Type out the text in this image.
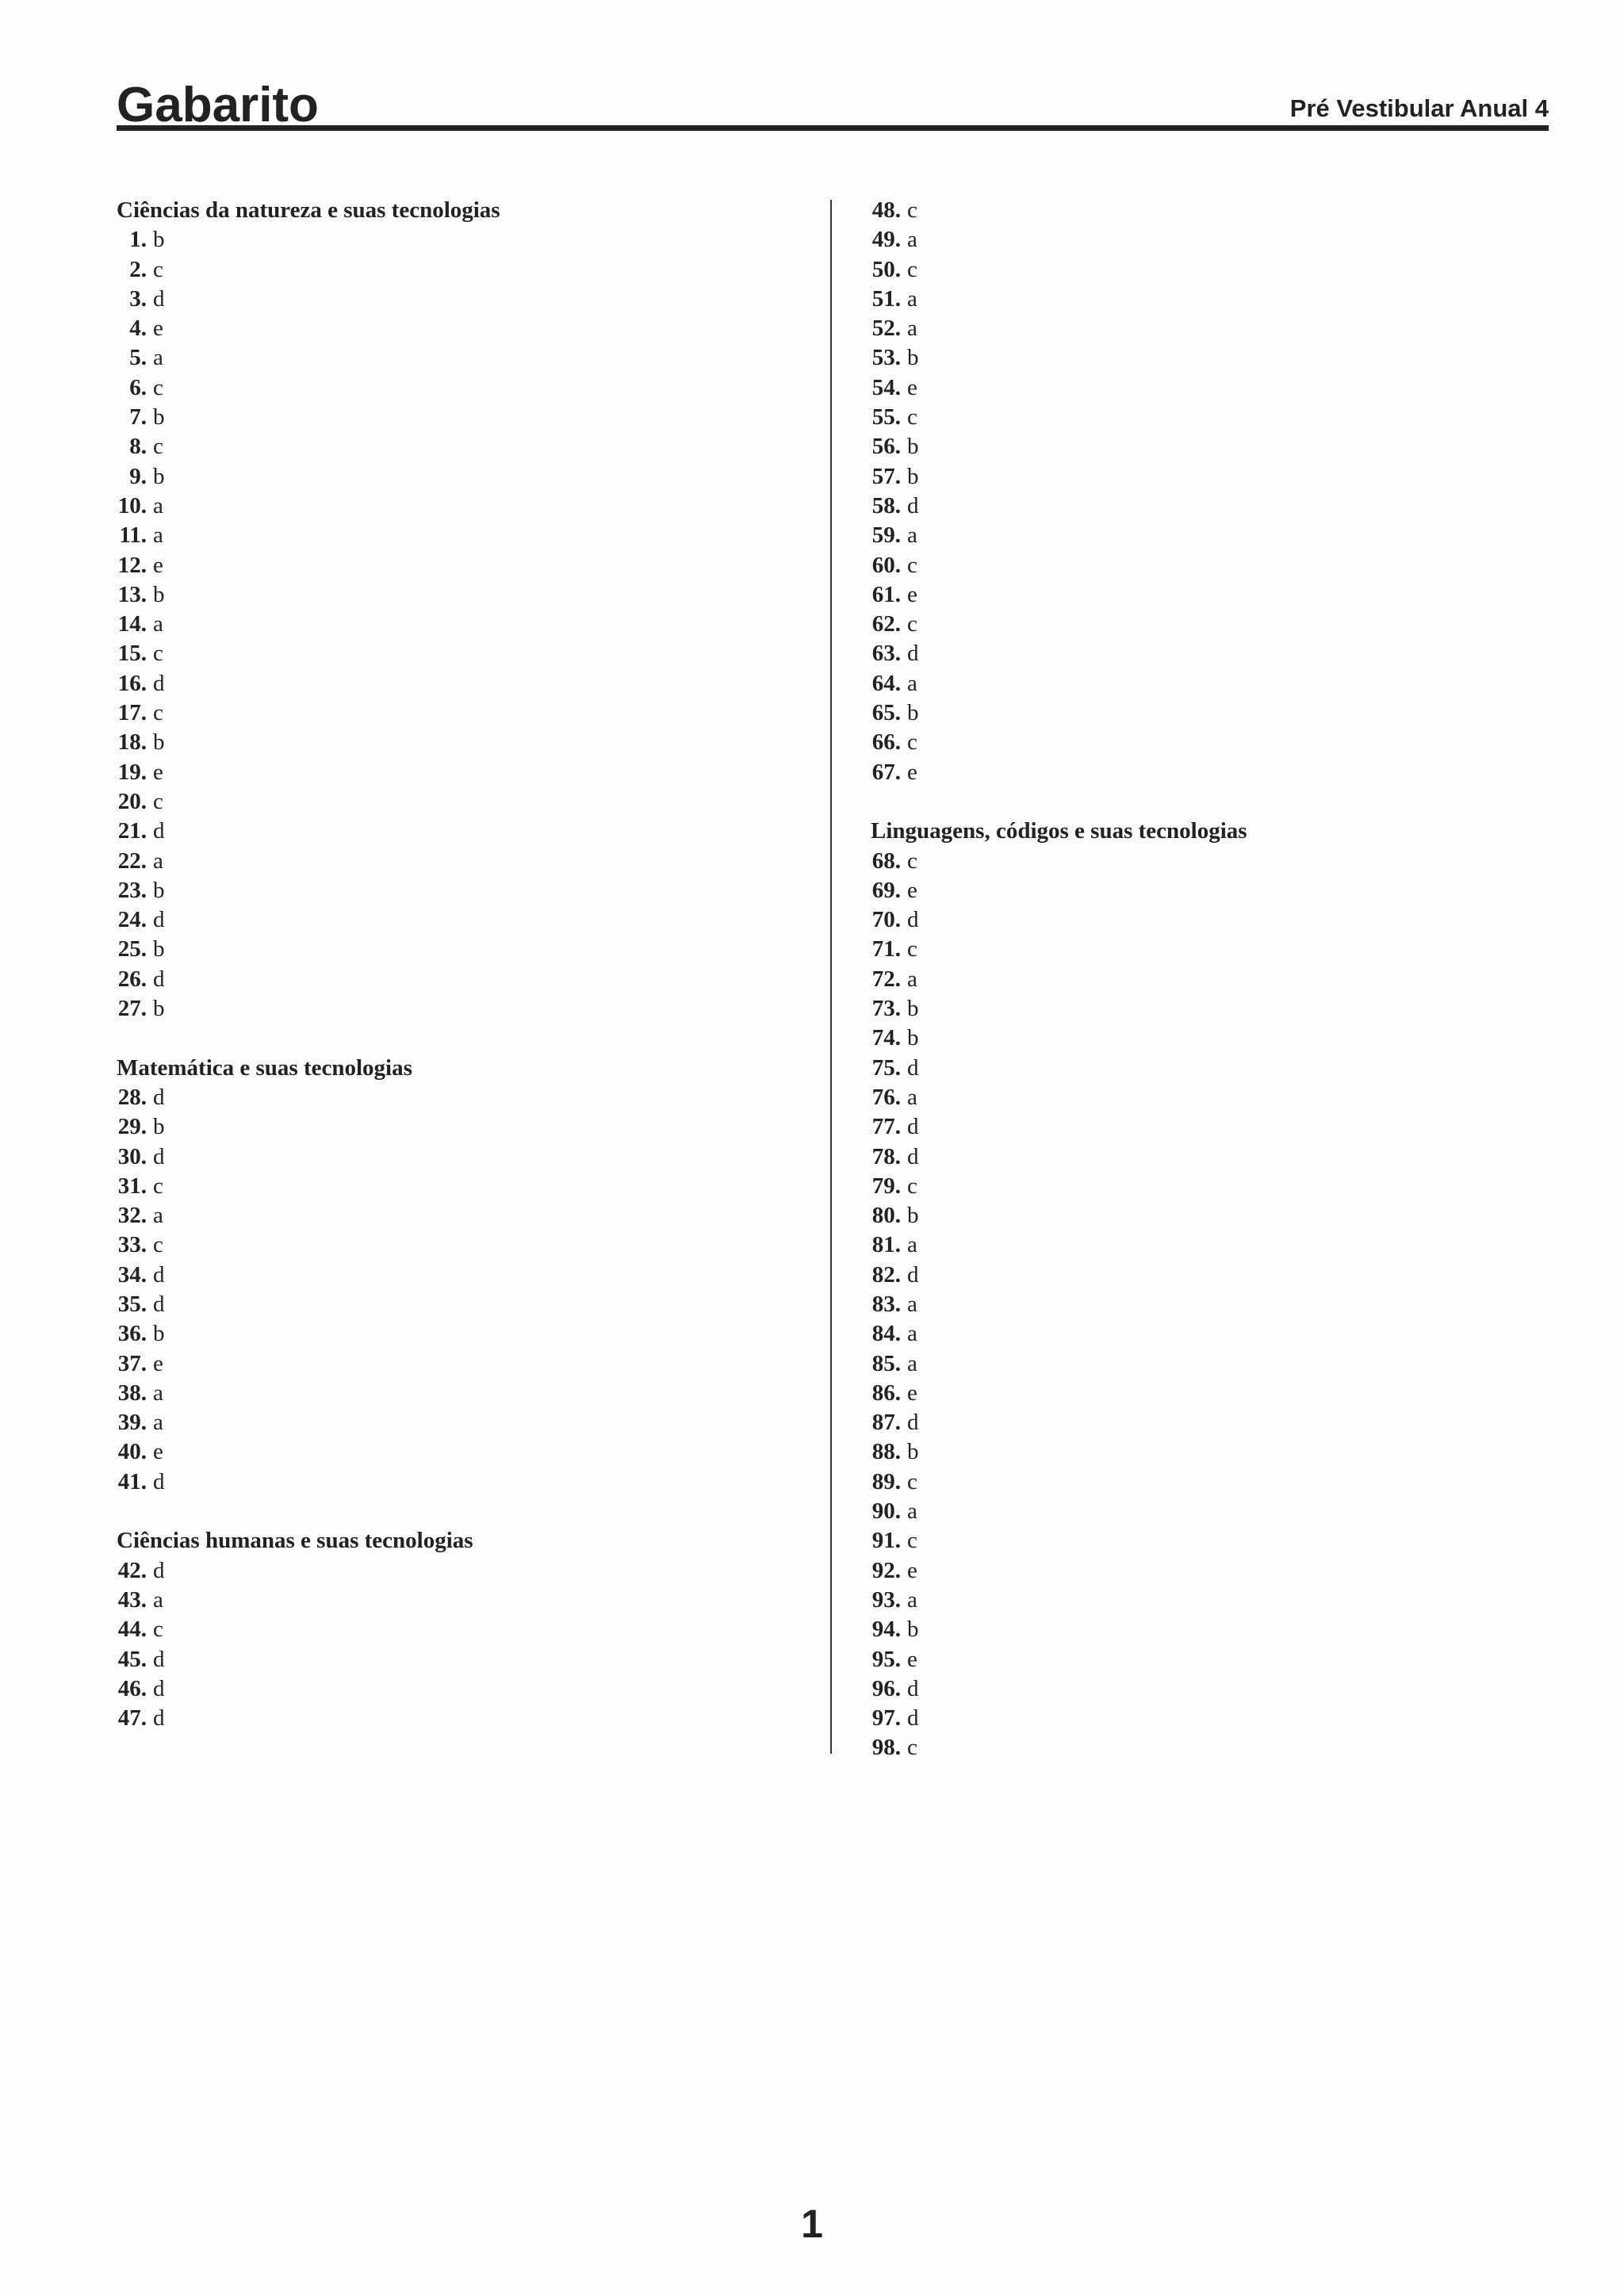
Gabarito	Pré Vestibular Anual 4
Ciências da natureza e suas tecnologias
1. b
2. c
3. d
4. e
5. a
6. c
7. b
8. c
9. b
10. a
11. a
12. e
13. b
14. a
15. c
16. d
17. c
18. b
19. e
20. c
21. d
22. a
23. b
24. d
25. b
26. d
27. b
Matemática e suas tecnologias
28. d
29. b
30. d
31. c
32. a
33. c
34. d
35. d
36. b
37. e
38. a
39. a
40. e
41. d
Ciências humanas e suas tecnologias
42. d
43. a
44. c
45. d
46. d
47. d
48. c
49. a
50. c
51. a
52. a
53. b
54. e
55. c
56. b
57. b
58. d
59. a
60. c
61. e
62. c
63. d
64. a
65. b
66. c
67. e
Linguagens, códigos e suas tecnologias
68. c
69. e
70. d
71. c
72. a
73. b
74. b
75. d
76. a
77. d
78. d
79. c
80. b
81. a
82. d
83. a
84. a
85. a
86. e
87. d
88. b
89. c
90. a
91. c
92. e
93. a
94. b
95. e
96. d
97. d
98. c
1
